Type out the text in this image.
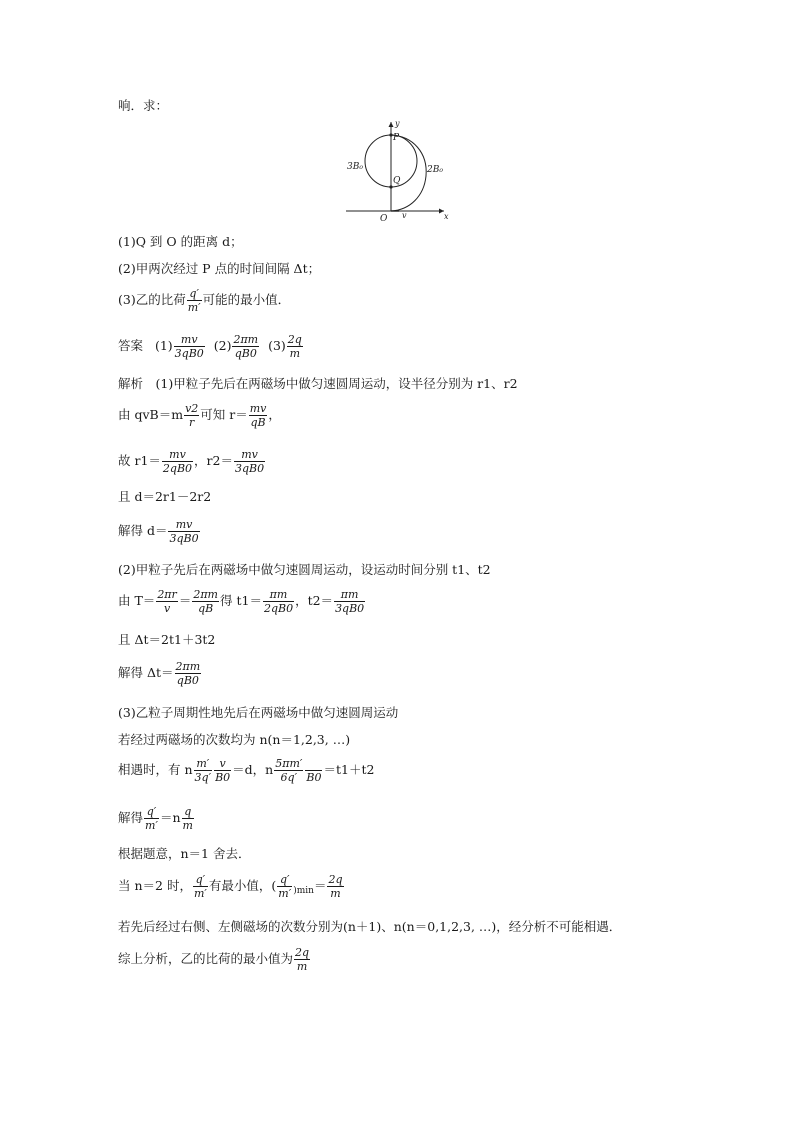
响．求：
y
x
P
Q
O v
3B₀	2B₀
(1)Q 到 O 的距离 d；
(2)甲两次经过 P 点的时间间隔 Δt；
(3)乙的比荷 $\frac{q'}{m'}$ 可能的最小值．
答案 $(1) \frac{mv}{3qB0} (2) \frac{2\pi m}{qB0} (3) \frac{2q}{m}$
解析　(1)甲粒子先后在两磁场中做匀速圆周运动，设半径分别为 r1、r2
由 $qvB=m \frac{v2}{r}$ 可知 $r= \frac{mv}{qB}$ ，
故 $r1= \frac{mv}{2qB0}$ ，$r2= \frac{mv}{3qB0}$
且 d＝2r1－2r2
解得 $d= \frac{mv}{3qB0}$
(2)甲粒子先后在两磁场中做匀速圆周运动，设运动时间分别 t1、t2
由 $T= \frac{2\pi r}{v} = \frac{2\pi m}{qB}$ 得 $t1= \frac{\pi m}{2qB0}$ ，$t2= \frac{\pi m}{3qB0}$
且 Δt＝2t1＋3t2
解得 $\Delta t= \frac{2\pi m}{qB0}$
(3)乙粒子周期性地先后在两磁场中做匀速圆周运动
若经过两磁场的次数均为 n(n＝1,2,3, …)
相遇时，有 n $\frac{m'}{3q'} \frac{v}{B0} =d$，n $\frac{5\pi m'}{6q'} B0$
＝t1＋t2
解得 $\frac{q'}{m'} =n \frac{q}{m}$
根据题意，n＝1 舍去．
当 n＝2 时， $\frac{q'}{m'}$ 有最小值，( $\frac{q'}{m'} _{)min}= \frac{2q}{m}$
若先后经过右侧、左侧磁场的次数分别为(n＋1)、n(n＝0,1,2,3, …)，经分析不可能相遇．
综上分析，乙的比荷的最小值为 $\frac{2q}{m}$
